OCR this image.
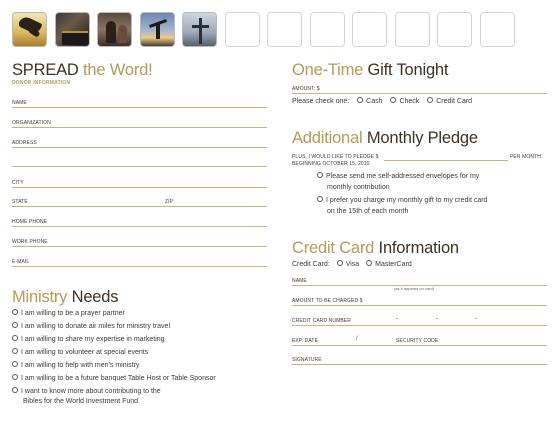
SPREAD the Word!
DONOR INFORMATION
NAME
ORGANIZATION
ADDRESS
CITY
STATE	ZIP
HOME PHONE
WORK PHONE
E-MAIL
Ministry Needs
I am willing to be a prayer partner
I am willing to donate air miles for ministry travel
I am willing to share my expertise in marketing
I am willing to volunteer at special events
I am willing to help with men's ministry
I am willing to be a future banquet Table Host or Table Sponsor
I want to know more about contributing to the
Bibles for the World Investment Fund
One-Time Gift Tonight
AMOUNT: $
Please check one: Cash Check Credit Card
Additional Monthly Pledge
PLUS, I WOULD LIKE TO PLEDGE $	PER MONTH
BEGINNING OCTOBER 15, 2010
Please send me self-addressed envelopes for my
monthly contribution
I prefer you charge my monthly gift to my credit card
on the 15th of each month
Credit Card Information
Credit Card: Visa MasterCard
NAME
(as it appears on card)
AMOUNT TO BE CHARGED $
CREDIT CARD NUMBER	-	-	-
EXP. DATE	/	SECURITY CODE
SIGNATURE
